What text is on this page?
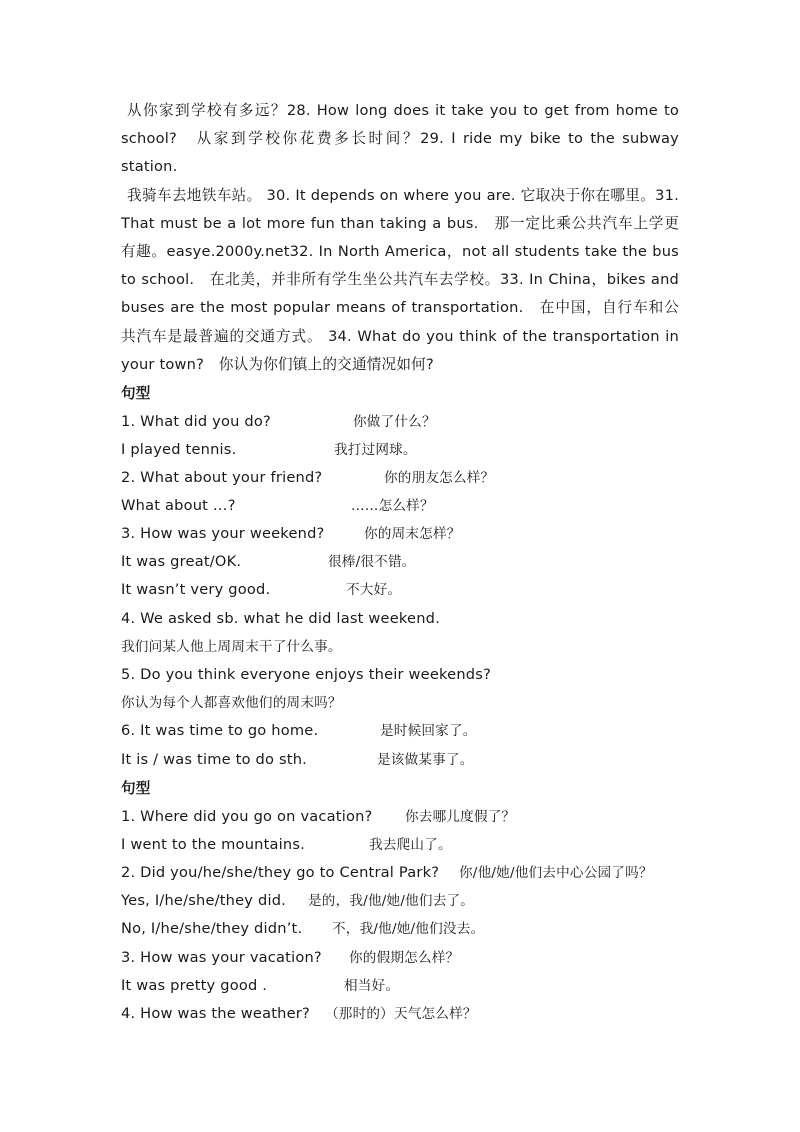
从你家到学校有多远？28. How long does it take you to get from home to school?　从家到学校你花费多长时间？29. I ride my bike to the subway station.

我骑车去地铁车站。 30. It depends on where you are. 它取决于你在哪里。31. That must be a lot more fun than taking a bus.　那一定比乘公共汽车上学更有趣。easye.2000y.net32. In North America，not all students take the bus to school.　在北美，并非所有学生坐公共汽车去学校。33. In China，bikes and buses are the most popular means of transportation.　在中国，自行车和公共汽车是最普遍的交通方式。 34. What do you think of the transportation in your town?　你认为你们镇上的交通情况如何?

句型
1. What did you do?	你做了什么？
I played tennis.	我打过网球。
2. What about your friend?	你的朋友怎么样？
What about …?	……怎么样？
3. How was your weekend?	你的周末怎样？
It was great/OK.	很棒/很不错。
It wasn’t very good.	不大好。
4. We asked sb. what he did last weekend.
我们问某人他上周周末干了什么事。
5. Do you think everyone enjoys their weekends?
你认为每个人都喜欢他们的周末吗？
6. It was time to go home.	是时候回家了。
It is / was time to do sth.	是该做某事了。
句型
1. Where did you go on vacation? 你去哪儿度假了？
I went to the mountains.	我去爬山了。
2. Did you/he/she/they go to Central Park? 你/他/她/他们去中心公园了吗？
Yes, I/he/she/they did. 是的，我/他/她/他们去了。
No, I/he/she/they didn’t. 不，我/他/她/他们没去。
3. How was your vacation? 你的假期怎么样？
It was pretty good .	相当好。
4. How was the weather? （那时的）天气怎么样？
